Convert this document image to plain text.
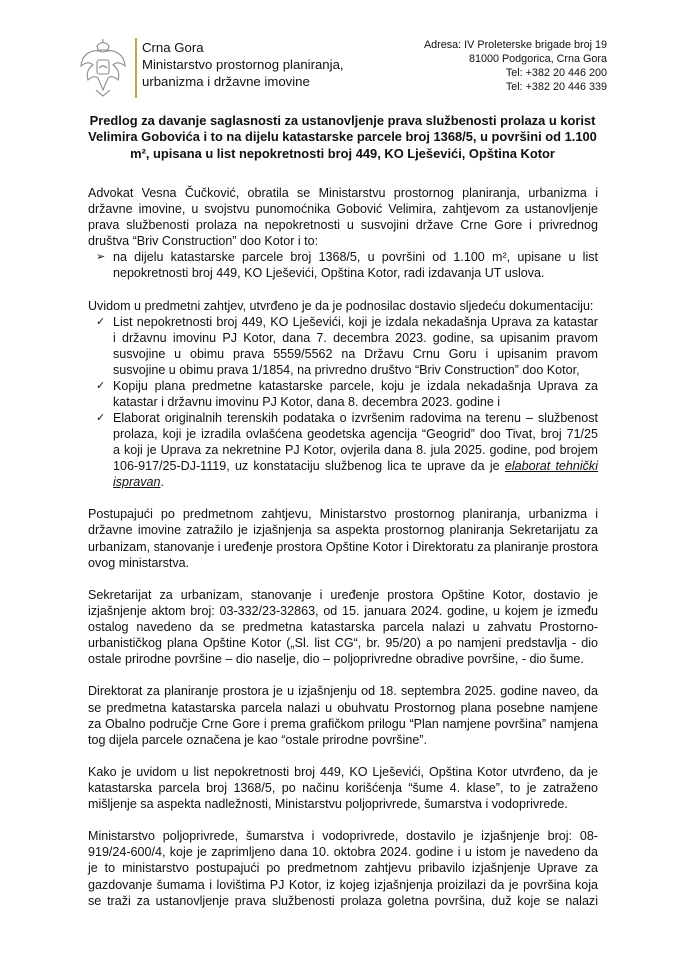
Crna Gora
Ministarstvo prostornog planiranja,
urbanizma i državne imovine
Adresa: IV Proleterske brigade broj 19
81000 Podgorica, Crna Gora
Tel: +382 20 446 200
Tel: +382 20 446 339
Predlog za davanje saglasnosti za ustanovljenje prava službenosti prolaza u korist
Velimira Gobovića i to na dijelu katastarske parcele broj 1368/5, u površini od 1.100
m², upisana u list nepokretnosti broj 449, KO Lješevići, Opština Kotor
Advokat Vesna Čučković, obratila se Ministarstvu prostornog planiranja, urbanizma i
državne imovine, u svojstvu punomoćnika Gobović Velimira, zahtjevom za ustanovljenje
prava službenosti prolaza na nepokretnosti u susvojini države Crne Gore i privrednog
društva “Briv Construction” doo Kotor i to:
➢ na dijelu katastarske parcele broj 1368/5, u površini od 1.100 m², upisane u list
nepokretnosti broj 449, KO Lješevići, Opština Kotor, radi izdavanja UT uslova.
Uvidom u predmetni zahtjev, utvrđeno je da je podnosilac dostavio sljedeću dokumentaciju:
✓ List nepokretnosti broj 449, KO Lješevići, koji je izdala nekadašnja Uprava za katastar
i državnu imovinu PJ Kotor, dana 7. decembra 2023. godine, sa upisanim pravom
susvojine u obimu prava 5559/5562 na Državu Crnu Goru i upisanim pravom
susvojine u obimu prava 1/1854, na privredno društvo “Briv Construction” doo Kotor,
✓ Kopiju plana predmetne katastarske parcele, koju je izdala nekadašnja Uprava za
katastar i državnu imovinu PJ Kotor, dana 8. decembra 2023. godine i
✓ Elaborat originalnih terenskih podataka o izvršenim radovima na terenu – službenost
prolaza, koji je izradila ovlašćena geodetska agencija “Geogrid” doo Tivat, broj 71/25
a koji je Uprava za nekretnine PJ Kotor, ovjerila dana 8. jula 2025. godine, pod brojem
106-917/25-DJ-1119, uz konstataciju službenog lica te uprave da je elaborat tehnički
ispravan.
Postupajući po predmetnom zahtjevu, Ministarstvo prostornog planiranja, urbanizma i
državne imovine zatražilo je izjašnjenja sa aspekta prostornog planiranja Sekretarijatu za
urbanizam, stanovanje i uređenje prostora Opštine Kotor i Direktoratu za planiranje prostora
ovog ministarstva.
Sekretarijat za urbanizam, stanovanje i uređenje prostora Opštine Kotor, dostavio je
izjašnjenje aktom broj: 03-332/23-32863, od 15. januara 2024. godine, u kojem je između
ostalog navedeno da se predmetna katastarska parcela nalazi u zahvatu Prostorno-
urbanističkog plana Opštine Kotor („Sl. list CG“, br. 95/20) a po namjeni predstavlja - dio
ostale prirodne površine – dio naselje, dio – poljoprivredne obradive površine, - dio šume.
Direktorat za planiranje prostora je u izjašnjenju od 18. septembra 2025. godine naveo, da
se predmetna katastarska parcela nalazi u obuhvatu Prostornog plana posebne namjene
za Obalno područje Crne Gore i prema grafičkom prilogu “Plan namjene površina” namjena
tog dijela parcele označena je kao “ostale prirodne površine”.
Kako je uvidom u list nepokretnosti broj 449, KO Lješevići, Opština Kotor utvrđeno, da je
katastarska parcela broj 1368/5, po načinu korišćenja “šume 4. klase”, to je zatraženo
mišljenje sa aspekta nadležnosti, Ministarstvu poljoprivrede, šumarstva i vodoprivrede.
Ministarstvo poljoprivrede, šumarstva i vodoprivrede, dostavilo je izjašnjenje broj: 08-
919/24-600/4, koje je zaprimljeno dana 10. oktobra 2024. godine i u istom je navedeno da
je to ministarstvo postupajući po predmetnom zahtjevu pribavilo izjašnjenje Uprave za
gazdovanje šumama i lovištima PJ Kotor, iz kojeg izjašnjenja proizilazi da je površina koja
se traži za ustanovljenje prava službenosti prolaza goletna površina, duž koje se nalazi
